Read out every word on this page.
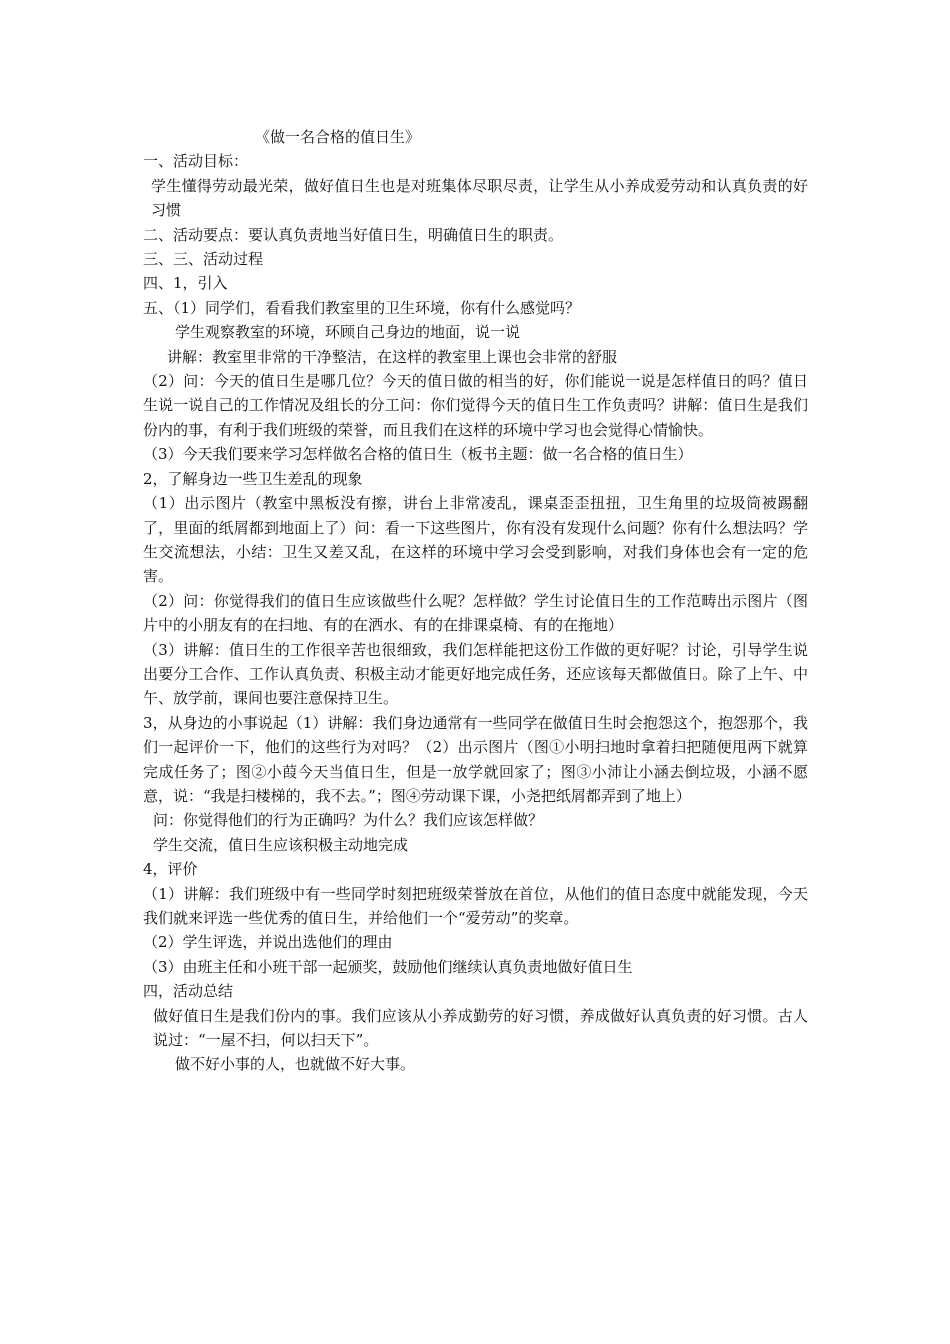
《做一名合格的值日生》

一、活动目标：

学生懂得劳动最光荣，做好值日生也是对班集体尽职尽责，让学生从小养成爱劳动和认真负责的好习惯

二、活动要点：要认真负责地当好值日生，明确值日生的职责。

三、三、活动过程

四、1，引入

五、（1）同学们，看看我们教室里的卫生环境，你有什么感觉吗？

学生观察教室的环境，环顾自己身边的地面，说一说

讲解：教室里非常的干净整洁，在这样的教室里上课也会非常的舒服

（2）问：今天的值日生是哪几位？今天的值日做的相当的好，你们能说一说是怎样值日的吗？值日生说一说自己的工作情况及组长的分工问：你们觉得今天的值日生工作负责吗？讲解：值日生是我们份内的事，有利于我们班级的荣誉，而且我们在这样的环境中学习也会觉得心情愉快。

（3）今天我们要来学习怎样做名合格的值日生（板书主题：做一名合格的值日生）

2，了解身边一些卫生差乱的现象

（1）出示图片（教室中黑板没有擦，讲台上非常凌乱，课桌歪歪扭扭，卫生角里的垃圾筒被踢翻了，里面的纸屑都到地面上了）问：看一下这些图片，你有没有发现什么问题？你有什么想法吗？学生交流想法，小结：卫生又差又乱，在这样的环境中学习会受到影响，对我们身体也会有一定的危害。

（2）问：你觉得我们的值日生应该做些什么呢？怎样做？学生讨论值日生的工作范畴出示图片（图片中的小朋友有的在扫地、有的在洒水、有的在排课桌椅、有的在拖地）

（3）讲解：值日生的工作很辛苦也很细致，我们怎样能把这份工作做的更好呢？讨论，引导学生说出要分工合作、工作认真负责、积极主动才能更好地完成任务，还应该每天都做值日。除了上午、中午、放学前，课间也要注意保持卫生。

3，从身边的小事说起（1）讲解：我们身边通常有一些同学在做值日生时会抱怨这个，抱怨那个，我们一起评价一下，他们的这些行为对吗？（2）出示图片（图①小明扫地时拿着扫把随便甩两下就算完成任务了；图②小葭今天当值日生，但是一放学就回家了；图③小沛让小涵去倒垃圾，小涵不愿意，说：“我是扫楼梯的，我不去。”；图④劳动课下课，小尧把纸屑都弄到了地上）

问：你觉得他们的行为正确吗？为什么？我们应该怎样做？

学生交流，值日生应该积极主动地完成

4，评价

（1）讲解：我们班级中有一些同学时刻把班级荣誉放在首位，从他们的值日态度中就能发现，今天我们就来评选一些优秀的值日生，并给他们一个“爱劳动”的奖章。

（2）学生评选，并说出选他们的理由

（3）由班主任和小班干部一起颁奖，鼓励他们继续认真负责地做好值日生

四，活动总结

做好值日生是我们份内的事。我们应该从小养成勤劳的好习惯，养成做好认真负责的好习惯。古人说过：“一屋不扫，何以扫天下”。

做不好小事的人，也就做不好大事。
